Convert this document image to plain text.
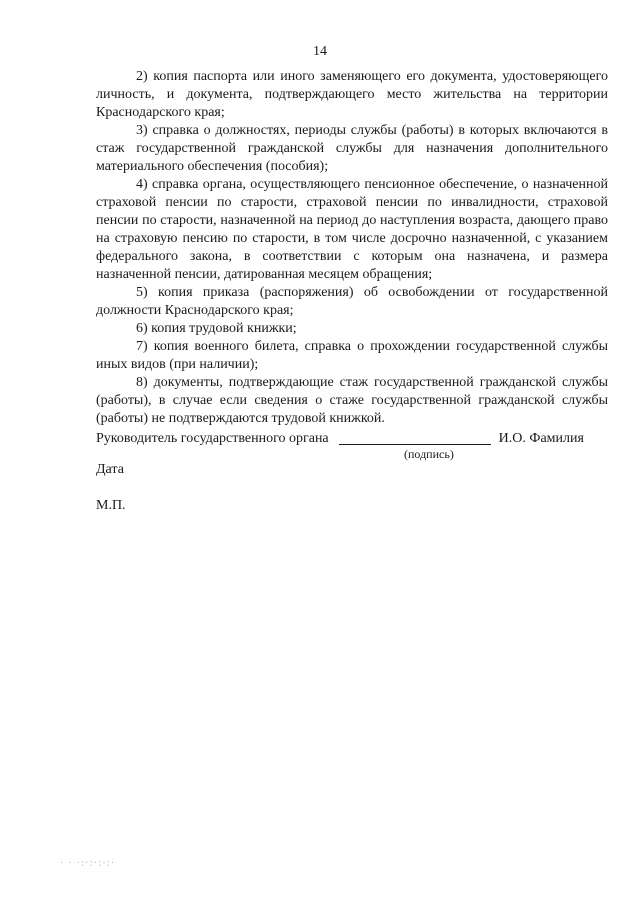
14

2) копия паспорта или иного заменяющего его документа, удостоверяющего личность, и документа, подтверждающего место жительства на территории Краснодарского края;

3) справка о должностях, периоды службы (работы) в которых включаются в стаж государственной гражданской службы для назначения дополнительного материального обеспечения (пособия);

4) справка органа, осуществляющего пенсионное обеспечение, о назначенной страховой пенсии по старости, страховой пенсии по инвалидности, страховой пенсии по старости, назначенной на период до наступления возраста, дающего право на страховую пенсию по старости, в том числе досрочно назначенной, с указанием федерального закона, в соответствии с которым она назначена, и размера назначенной пенсии, датированная месяцем обращения;

5) копия приказа (распоряжения) об освобождении от государственной должности Краснодарского края;

6) копия трудовой книжки;

7) копия военного билета, справка о прохождении государственной службы иных видов (при наличии);

8) документы, подтверждающие стаж государственной гражданской службы (работы), в случае если сведения о стаже государственной гражданской службы (работы) не подтверждаются трудовой книжкой.

Руководитель государственного органа	И.О. Фамилия
(подпись)
Дата
М.П.
· · ·:·:·:·:·
